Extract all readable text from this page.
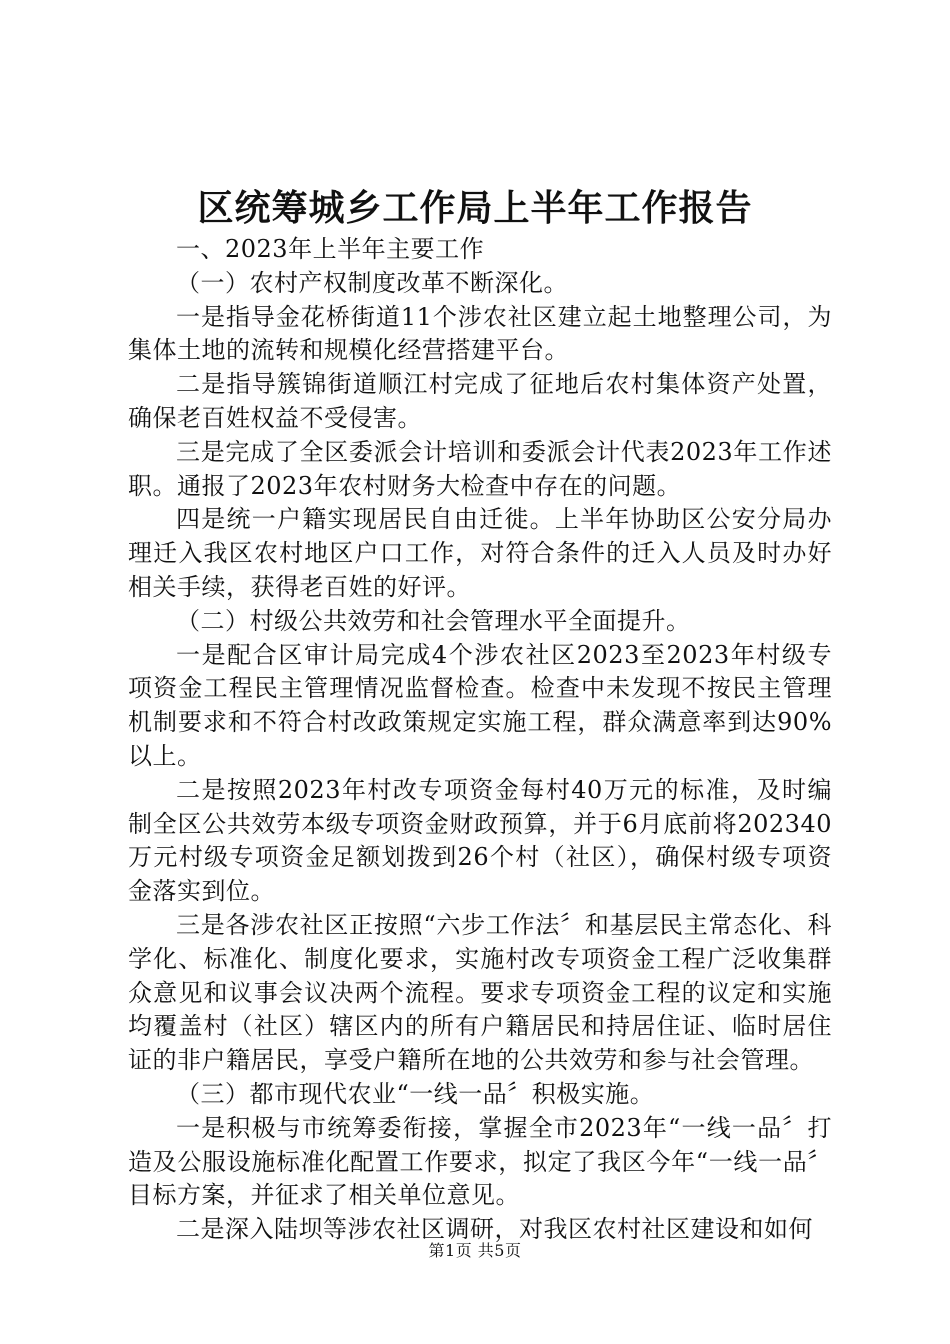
区统筹城乡工作局上半年工作报告

一、2023年上半年主要工作

（一）农村产权制度改革不断深化。

一是指导金花桥街道11个涉农社区建立起土地整理公司，为集体土地的流转和规模化经营搭建平台。

二是指导簇锦街道顺江村完成了征地后农村集体资产处置，确保老百姓权益不受侵害。

三是完成了全区委派会计培训和委派会计代表2023年工作述职。通报了2023年农村财务大检查中存在的问题。

四是统一户籍实现居民自由迁徙。上半年协助区公安分局办理迁入我区农村地区户口工作，对符合条件的迁入人员及时办好相关手续，获得老百姓的好评。

（二）村级公共效劳和社会管理水平全面提升。

一是配合区审计局完成4个涉农社区2023至2023年村级专项资金工程民主管理情况监督检查。检查中未发现不按民主管理机制要求和不符合村改政策规定实施工程，群众满意率到达90%以上。

二是按照2023年村改专项资金每村40万元的标准，及时编制全区公共效劳本级专项资金财政预算，并于6月底前将202340万元村级专项资金足额划拨到26个村（社区），确保村级专项资金落实到位。

三是各涉农社区正按照“六步工作法〞和基层民主常态化、科学化、标准化、制度化要求，实施村改专项资金工程广泛收集群众意见和议事会议决两个流程。要求专项资金工程的议定和实施均覆盖村（社区）辖区内的所有户籍居民和持居住证、临时居住证的非户籍居民，享受户籍所在地的公共效劳和参与社会管理。

（三）都市现代农业“一线一品〞积极实施。

一是积极与市统筹委衔接，掌握全市2023年“一线一品〞打造及公服设施标准化配置工作要求，拟定了我区今年“一线一品〞目标方案，并征求了相关单位意见。

二是深入陆坝等涉农社区调研，对我区农村社区建设和如何

第1页 共5页
